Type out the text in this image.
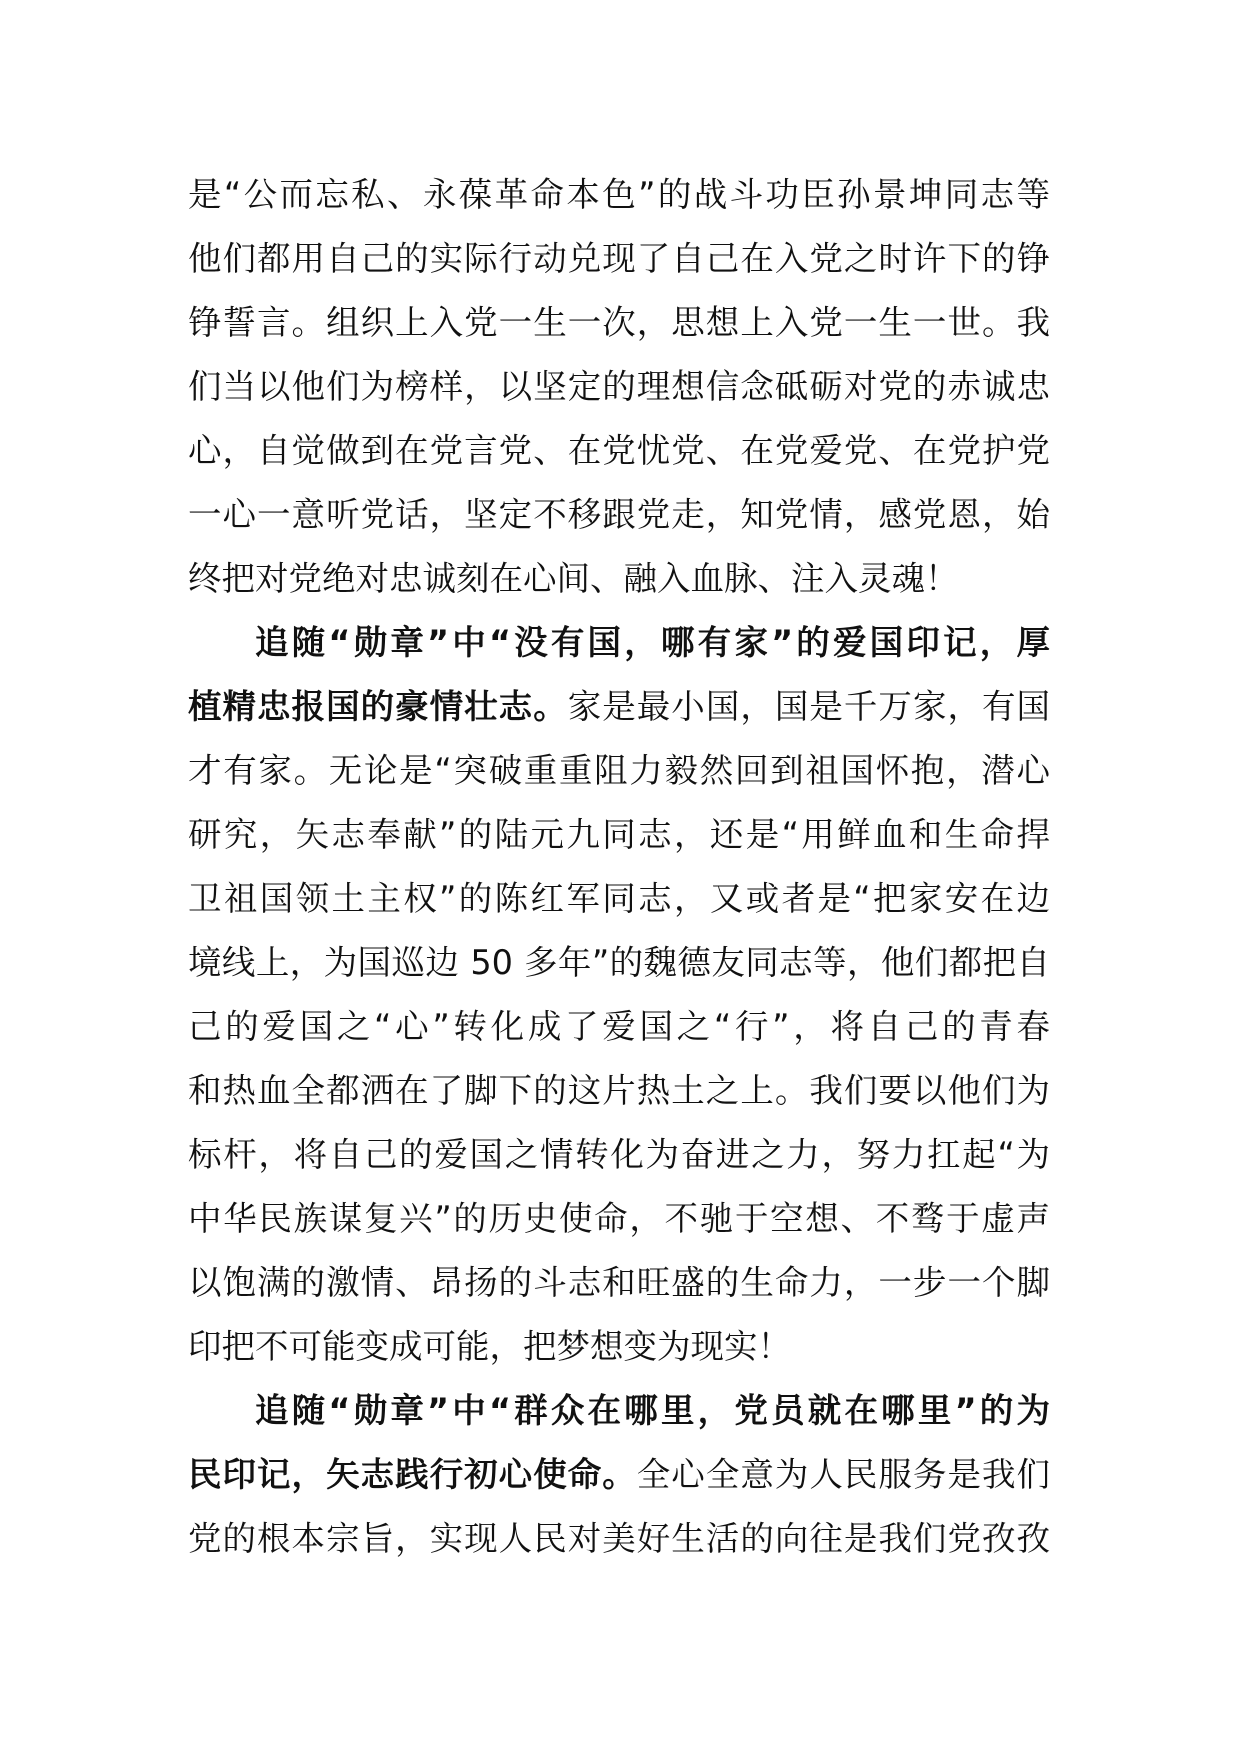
是“公而忘私、永葆革命本色”的战斗功臣孙景坤同志等
他们都用自己的实际行动兑现了自己在入党之时许下的铮
铮誓言。组织上入党一生一次，思想上入党一生一世。我
们当以他们为榜样，以坚定的理想信念砥砺对党的赤诚忠
心，自觉做到在党言党、在党忧党、在党爱党、在党护党
一心一意听党话，坚定不移跟党走，知党情，感党恩，始
终把对党绝对忠诚刻在心间、融入血脉、注入灵魂！
追随“勋章”中“没有国，哪有家”的爱国印记，厚
植精忠报国的豪情壮志。家是最小国，国是千万家，有国
才有家。无论是“突破重重阻力毅然回到祖国怀抱，潜心
研究，矢志奉献”的陆元九同志，还是“用鲜血和生命捍
卫祖国领土主权”的陈红军同志，又或者是“把家安在边
境线上，为国巡边 50 多年”的魏德友同志等，他们都把自
己的爱国之“心”转化成了爱国之“行”，将自己的青春
和热血全都洒在了脚下的这片热土之上。我们要以他们为
标杆，将自己的爱国之情转化为奋进之力，努力扛起“为
中华民族谋复兴”的历史使命，不驰于空想、不骛于虚声
以饱满的激情、昂扬的斗志和旺盛的生命力，一步一个脚
印把不可能变成可能，把梦想变为现实！
追随“勋章”中“群众在哪里，党员就在哪里”的为
民印记，矢志践行初心使命。全心全意为人民服务是我们
党的根本宗旨，实现人民对美好生活的向往是我们党孜孜
